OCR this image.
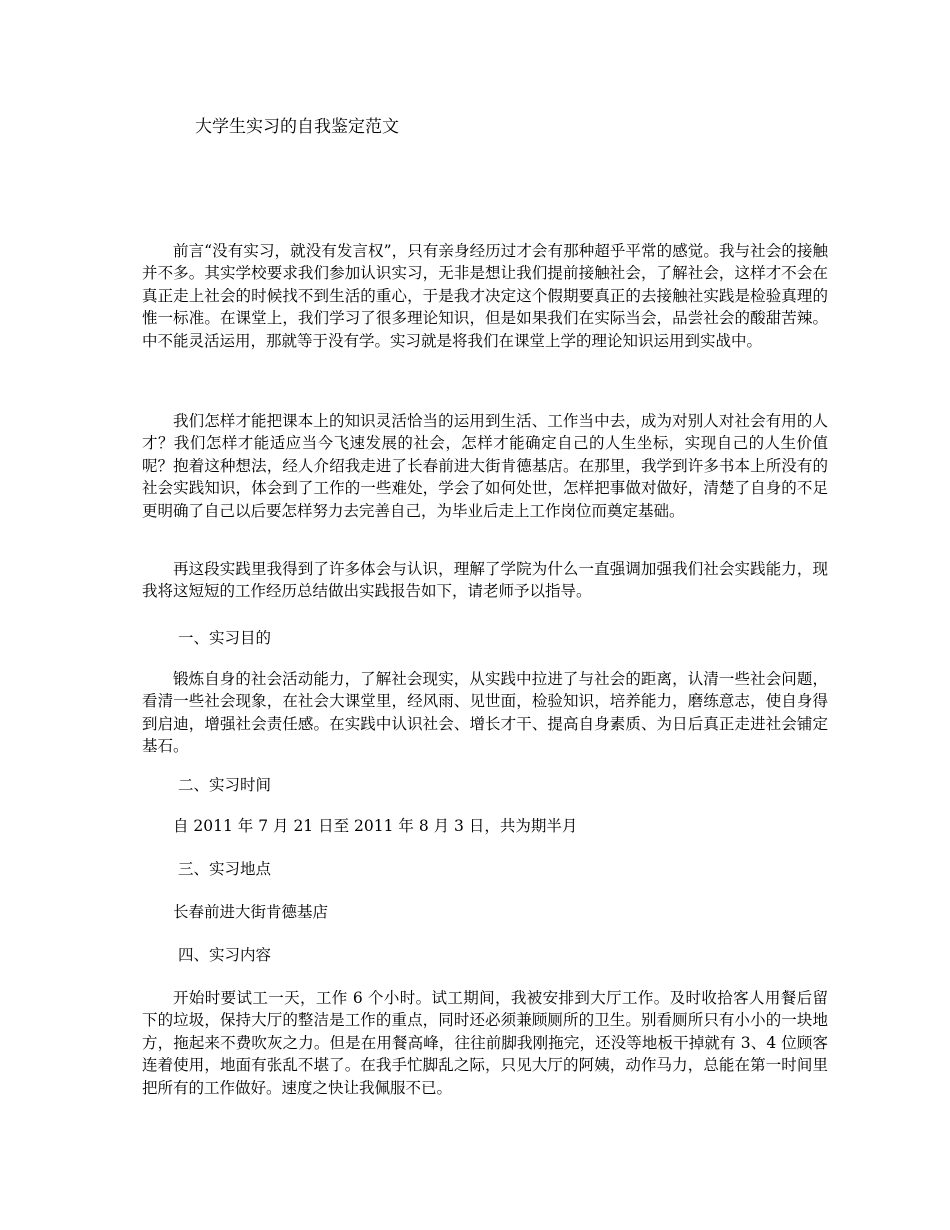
大学生实习的自我鉴定范文

前言“没有实习，就没有发言权”，只有亲身经历过才会有那种超乎平常的感觉。我与社会的接触并不多。其实学校要求我们参加认识实习，无非是想让我们提前接触社会，了解社会，这样才不会在真正走上社会的时候找不到生活的重心，于是我才决定这个假期要真正的去接触社实践是检验真理的惟一标准。在课堂上，我们学习了很多理论知识，但是如果我们在实际当会，品尝社会的酸甜苦辣。中不能灵活运用，那就等于没有学。实习就是将我们在课堂上学的理论知识运用到实战中。

我们怎样才能把课本上的知识灵活恰当的运用到生活、工作当中去，成为对别人对社会有用的人才？我们怎样才能适应当今飞速发展的社会，怎样才能确定自己的人生坐标，实现自己的人生价值呢？抱着这种想法，经人介绍我走进了长春前进大街肯德基店。在那里，我学到许多书本上所没有的社会实践知识，体会到了工作的一些难处，学会了如何处世，怎样把事做对做好，清楚了自身的不足更明确了自己以后要怎样努力去完善自己，为毕业后走上工作岗位而奠定基础。

再这段实践里我得到了许多体会与认识，理解了学院为什么一直强调加强我们社会实践能力，现我将这短短的工作经历总结做出实践报告如下，请老师予以指导。

一、实习目的

锻炼自身的社会活动能力，了解社会现实，从实践中拉进了与社会的距离，认清一些社会问题，看清一些社会现象，在社会大课堂里，经风雨、见世面，检验知识，培养能力，磨练意志，使自身得到启迪，增强社会责任感。在实践中认识社会、增长才干、提高自身素质、为日后真正走进社会铺定基石。

二、实习时间

自 2011 年 7 月 21 日至 2011 年 8 月 3 日，共为期半月

三、实习地点

长春前进大街肯德基店

四、实习内容

开始时要试工一天，工作 6 个小时。试工期间，我被安排到大厅工作。及时收拾客人用餐后留下的垃圾，保持大厅的整洁是工作的重点，同时还必须兼顾厕所的卫生。别看厕所只有小小的一块地方，拖起来不费吹灰之力。但是在用餐高峰，往往前脚我刚拖完，还没等地板干掉就有 3、4 位顾客连着使用，地面有张乱不堪了。在我手忙脚乱之际，只见大厅的阿姨，动作马力，总能在第一时间里把所有的工作做好。速度之快让我佩服不已。
